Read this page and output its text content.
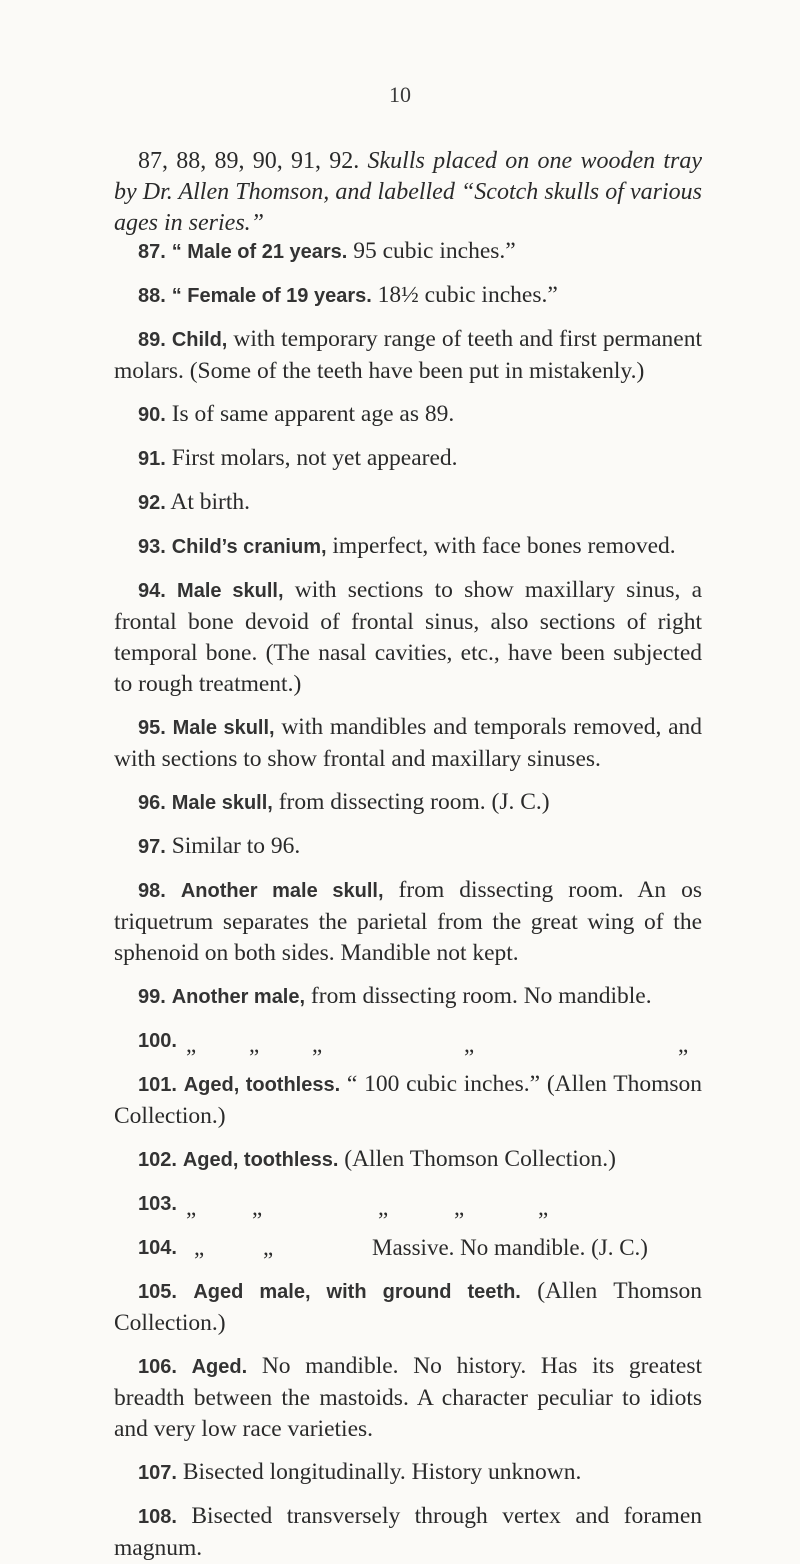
10
87, 88, 89, 90, 91, 92. Skulls placed on one wooden tray by Dr. Allen Thomson, and labelled “Scotch skulls of various ages in series.”
87. “ Male of 21 years. 95 cubic inches.”
88. “ Female of 19 years. 18½ cubic inches.”
89. Child, with temporary range of teeth and first permanent molars. (Some of the teeth have been put in mistakenly.)
90. Is of same apparent age as 89.
91. First molars, not yet appeared.
92. At birth.
93. Child’s cranium, imperfect, with face bones removed.
94. Male skull, with sections to show maxillary sinus, a frontal bone devoid of frontal sinus, also sections of right temporal bone. (The nasal cavities, etc., have been subjected to rough treatment.)
95. Male skull, with mandibles and temporals removed, and with sections to show frontal and maxillary sinuses.
96. Male skull, from dissecting room. (J. C.)
97. Similar to 96.
98. Another male skull, from dissecting room. An os triquetrum separates the parietal from the great wing of the sphenoid on both sides. Mandible not kept.
99. Another male, from dissecting room. No mandible.
100. „ „ „	„	„
101. Aged, toothless. “ 100 cubic inches.” (Allen Thomson Collection.)
102. Aged, toothless. (Allen Thomson Collection.)
103. „ „	„	„	„
104. „	„	Massive. No mandible. (J. C.)
105. Aged male, with ground teeth. (Allen Thomson Collection.)
106. Aged. No mandible. No history. Has its greatest breadth between the mastoids. A character peculiar to idiots and very low race varieties.
107. Bisected longitudinally. History unknown.
108. Bisected transversely through vertex and foramen magnum.
